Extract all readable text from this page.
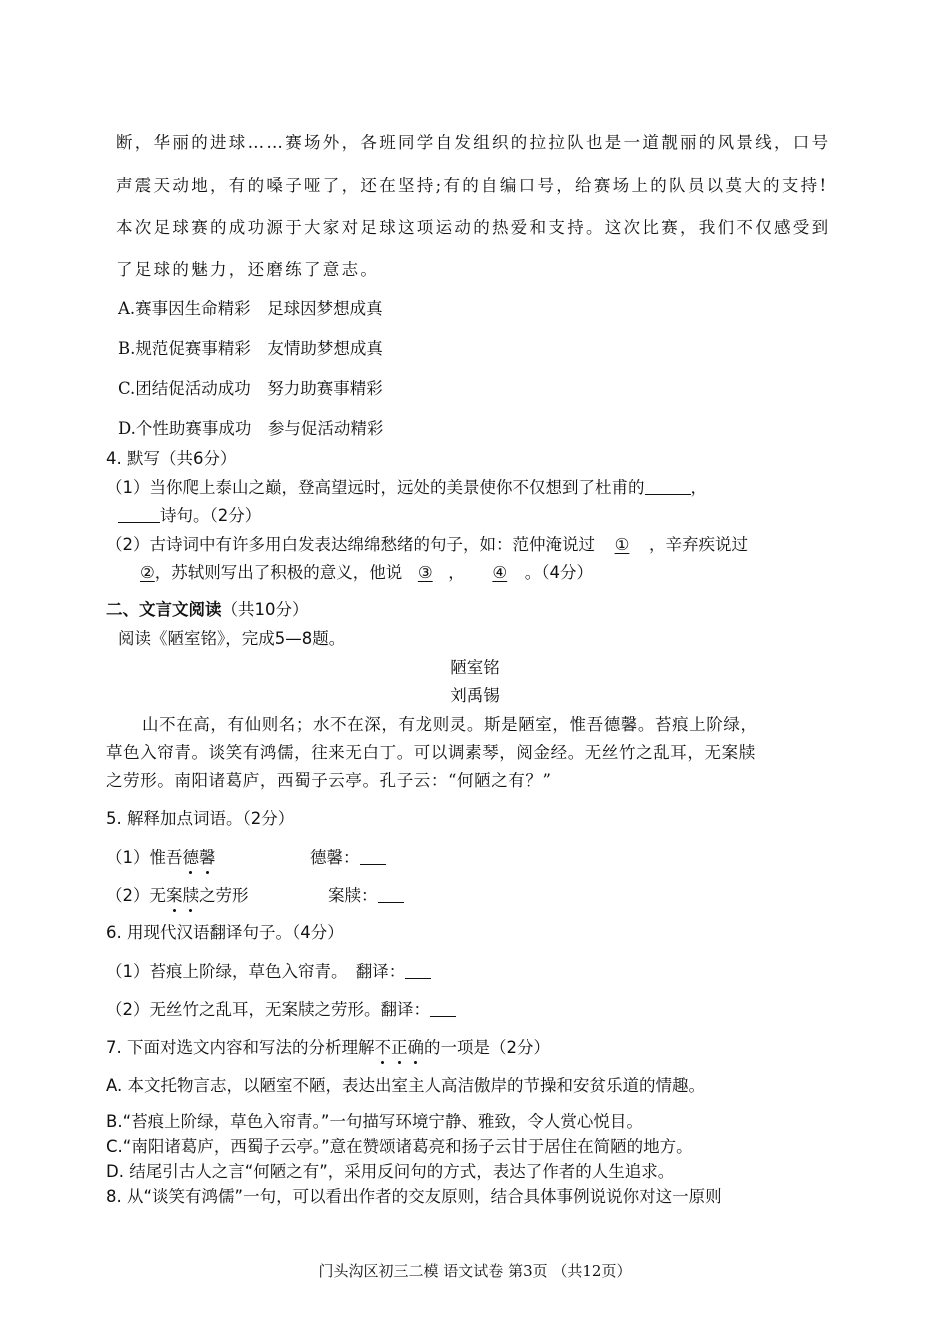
断，华丽的进球……赛场外，各班同学自发组织的拉拉队也是一道靓丽的风景线，口号
声震天动地，有的嗓子哑了，还在坚持;有的自编口号，给赛场上的队员以莫大的支持!
本次足球赛的成功源于大家对足球这项运动的热爱和支持。这次比赛，我们不仅感受到
了足球的魅力，还磨练了意志。
A.赛事因生命精彩　足球因梦想成真
B.规范促赛事精彩　友情助梦想成真
C.团结促活动成功　努力助赛事精彩
D.个性助赛事成功　参与促活动精彩
4. 默写（共6分）
（1）当你爬上泰山之巅，登高望远时，远处的美景使你不仅想到了杜甫的	，
诗句。（2分）
（2）古诗词中有许多用白发表达绵绵愁绪的句子，如：范仲淹说过 ① ，辛弃疾说过
②，苏轼则写出了积极的意义，他说 ③ ， ④ 。（4分）
二、文言文阅读（共10分）
阅读《陋室铭》，完成5—8题。
陋室铭
刘禹锡
山不在高，有仙则名；水不在深，有龙则灵。斯是陋室，惟吾德馨。苔痕上阶绿，
草色入帘青。谈笑有鸿儒，往来无白丁。可以调素琴，阅金经。无丝竹之乱耳，无案牍
之劳形。南阳诸葛庐，西蜀子云亭。孔子云：“何陋之有？”
5. 解释加点词语。（2分）
（1）惟吾德馨	德馨：
（2）无案牍之劳形	案牍：
6. 用现代汉语翻译句子。（4分）
（1）苔痕上阶绿，草色入帘青。　翻译：
（2）无丝竹之乱耳，无案牍之劳形。翻译：
7. 下面对选文内容和写法的分析理解不正确的一项是（2分）
A. 本文托物言志，以陋室不陋，表达出室主人高洁傲岸的节操和安贫乐道的情趣。
B.“苔痕上阶绿，草色入帘青。”一句描写环境宁静、雅致，令人赏心悦目。
C.“南阳诸葛庐，西蜀子云亭。”意在赞颂诸葛亮和扬子云甘于居住在简陋的地方。
D. 结尾引古人之言“何陋之有”，采用反问句的方式，表达了作者的人生追求。
8. 从“谈笑有鸿儒”一句，可以看出作者的交友原则，结合具体事例说说你对这一原则
门头沟区初三二模 语文试卷 第3页 （共12页）
